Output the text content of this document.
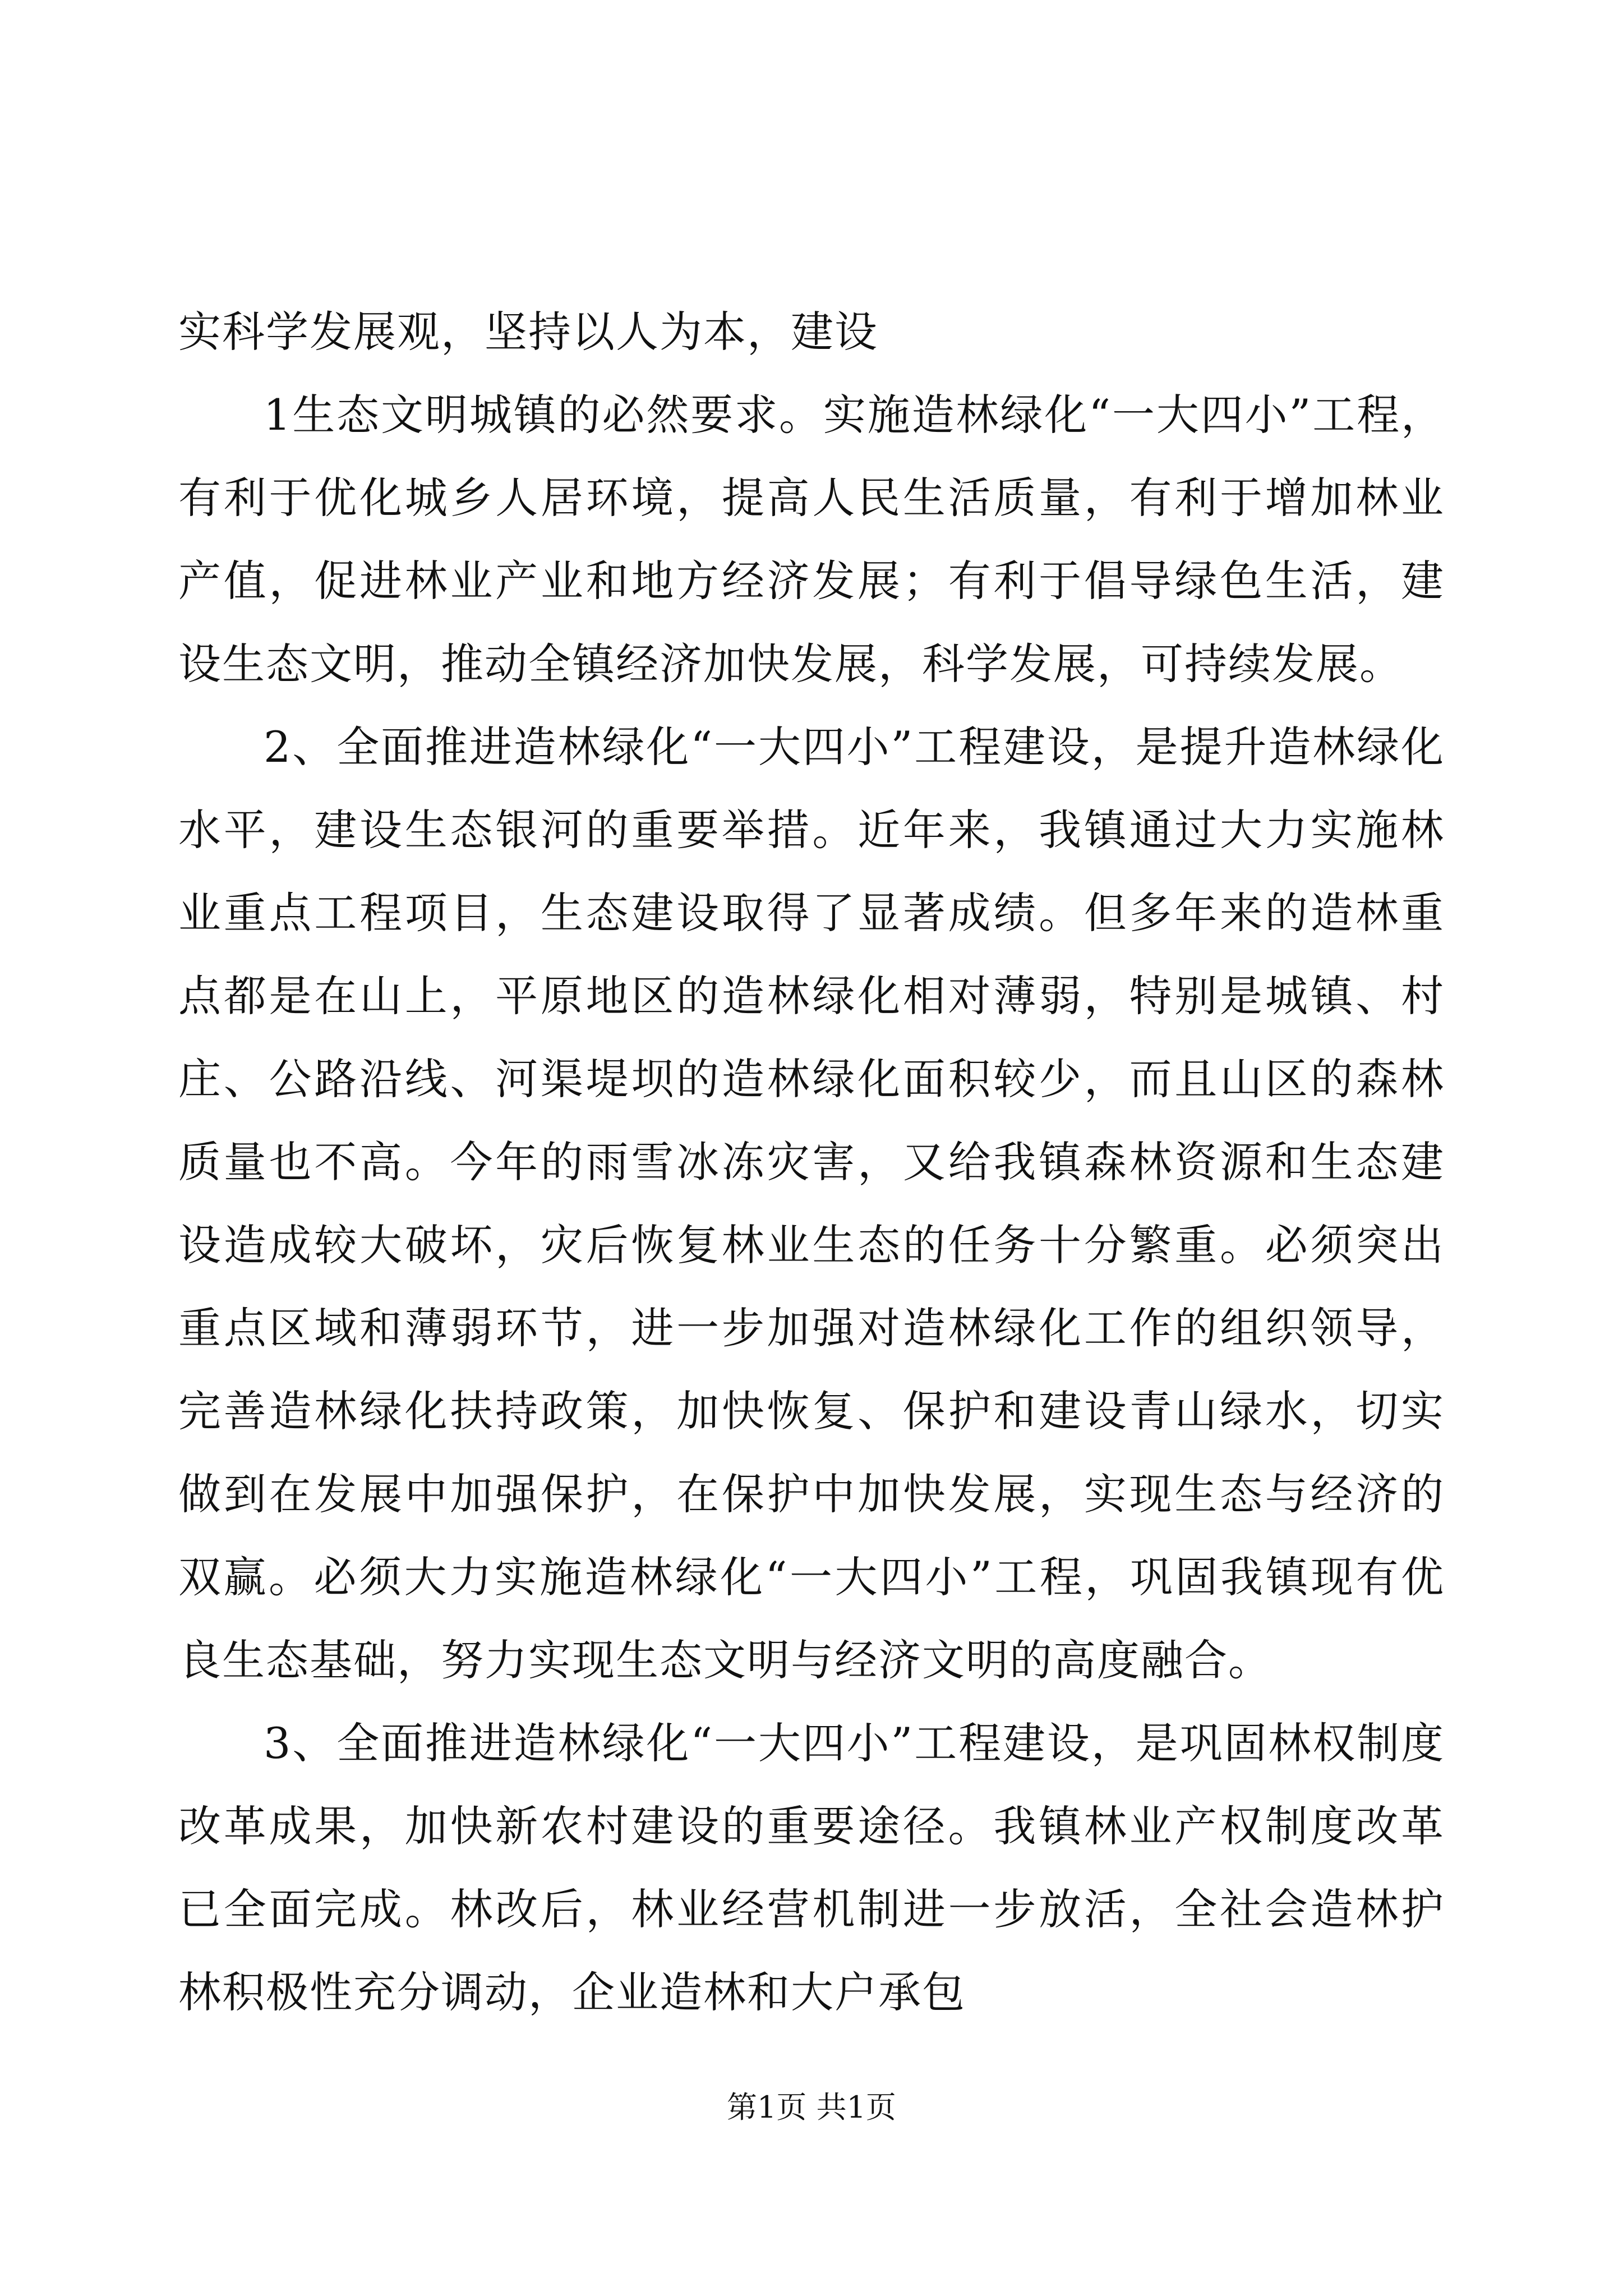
实科学发展观，坚持以人为本，建设

1生态文明城镇的必然要求。实施造林绿化“一大四小”工程，有利于优化城乡人居环境，提高人民生活质量，有利于增加林业产值，促进林业产业和地方经济发展；有利于倡导绿色生活，建设生态文明，推动全镇经济加快发展，科学发展，可持续发展。

2、全面推进造林绿化“一大四小”工程建设，是提升造林绿化水平，建设生态银河的重要举措。近年来，我镇通过大力实施林业重点工程项目，生态建设取得了显著成绩。但多年来的造林重点都是在山上，平原地区的造林绿化相对薄弱，特别是城镇、村庄、公路沿线、河渠堤坝的造林绿化面积较少，而且山区的森林质量也不高。今年的雨雪冰冻灾害，又给我镇森林资源和生态建设造成较大破坏，灾后恢复林业生态的任务十分繁重。必须突出重点区域和薄弱环节，进一步加强对造林绿化工作的组织领导，完善造林绿化扶持政策，加快恢复、保护和建设青山绿水，切实做到在发展中加强保护，在保护中加快发展，实现生态与经济的双赢。必须大力实施造林绿化“一大四小”工程，巩固我镇现有优良生态基础，努力实现生态文明与经济文明的高度融合。

3、全面推进造林绿化“一大四小”工程建设，是巩固林权制度改革成果，加快新农村建设的重要途径。我镇林业产权制度改革已全面完成。林改后，林业经营机制进一步放活，全社会造林护林积极性充分调动，企业造林和大户承包

第1页 共1页
